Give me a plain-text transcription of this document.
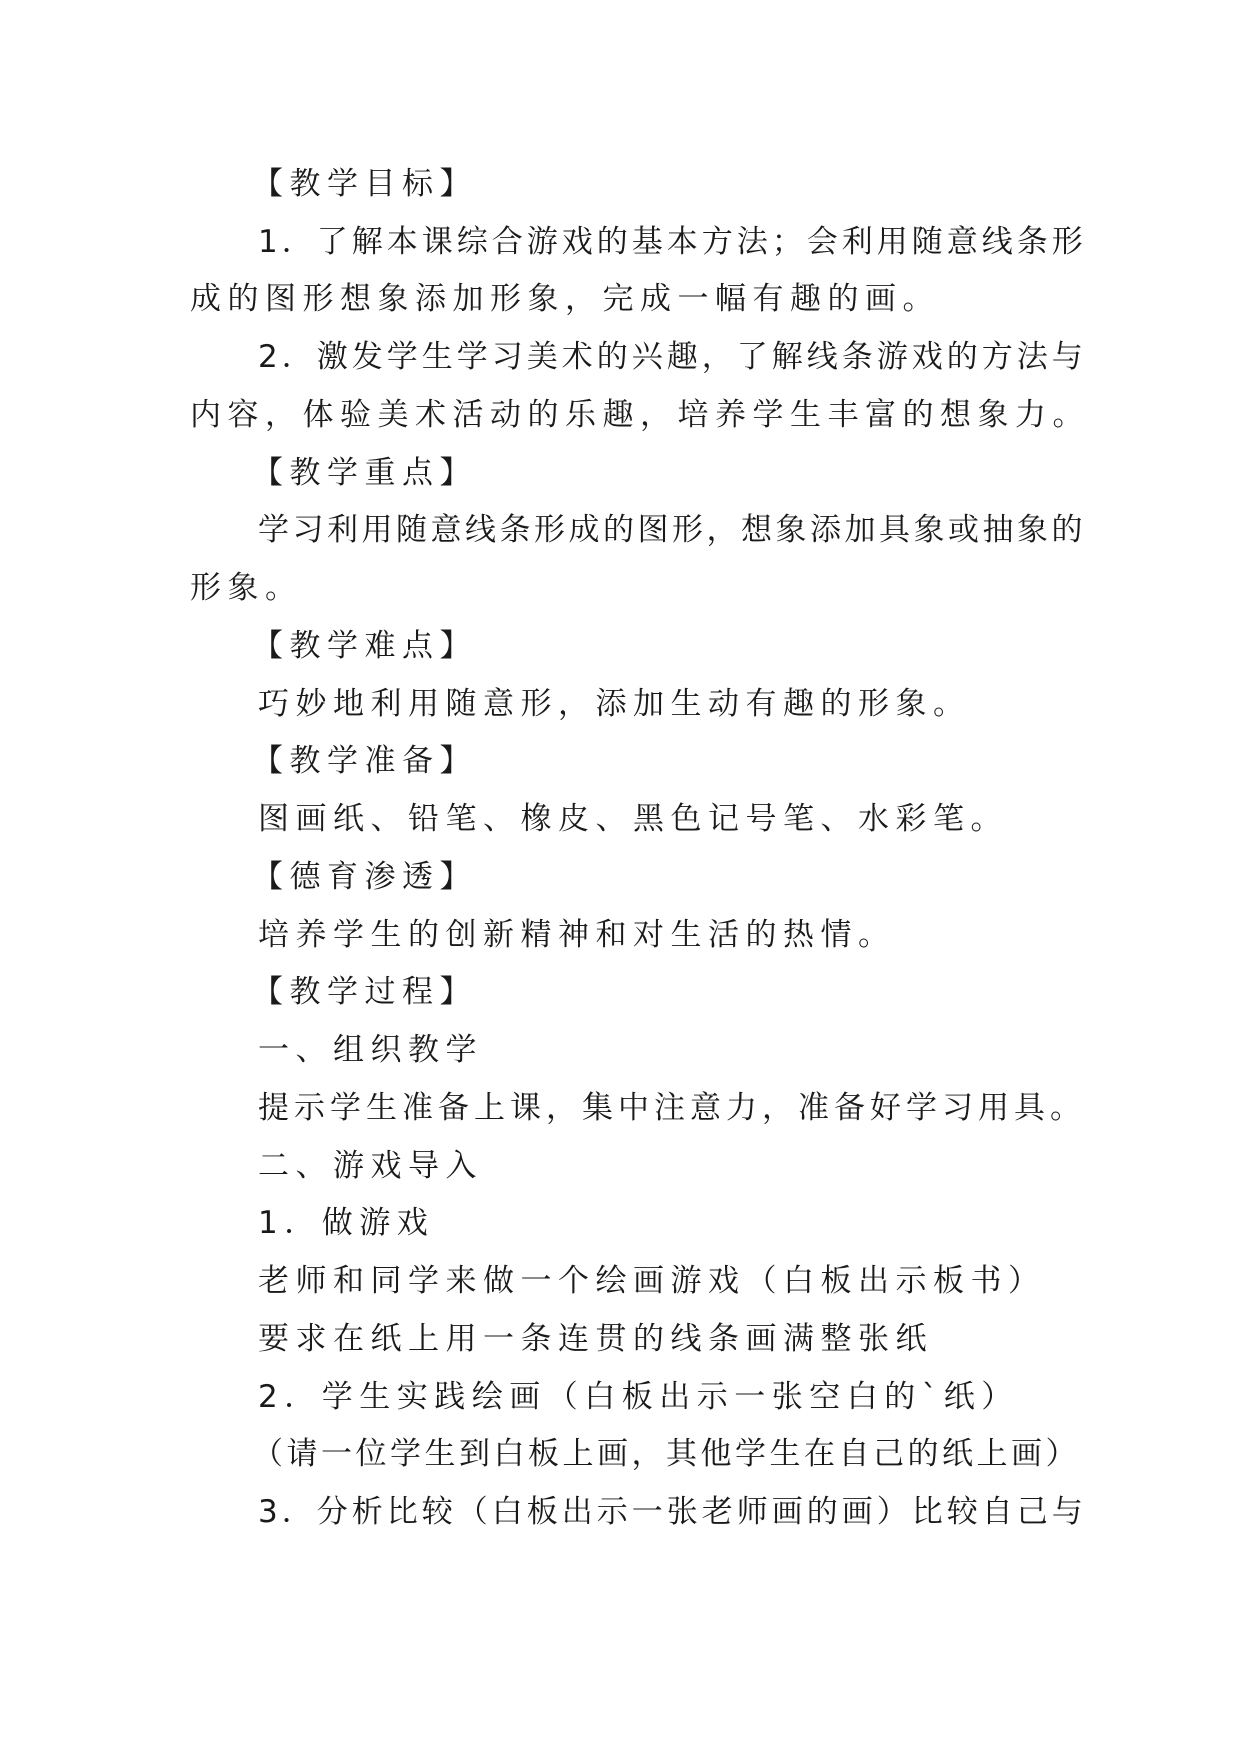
【教学目标】
1．了解本课综合游戏的基本方法；会利用随意线条形
成的图形想象添加形象，完成一幅有趣的画。
2．激发学生学习美术的兴趣，了解线条游戏的方法与
内容，体验美术活动的乐趣，培养学生丰富的想象力。
【教学重点】
学习利用随意线条形成的图形，想象添加具象或抽象的
形象。
【教学难点】
巧妙地利用随意形，添加生动有趣的形象。
【教学准备】
图画纸、铅笔、橡皮、黑色记号笔、水彩笔。
【德育渗透】
培养学生的创新精神和对生活的热情。
【教学过程】
一、组织教学
提示学生准备上课，集中注意力，准备好学习用具。
二、游戏导入
1．做游戏
老师和同学来做一个绘画游戏（白板出示板书）
要求在纸上用一条连贯的线条画满整张纸
2．学生实践绘画（白板出示一张空白的`纸）
（请一位学生到白板上画，其他学生在自己的纸上画）
3．分析比较（白板出示一张老师画的画）比较自己与
